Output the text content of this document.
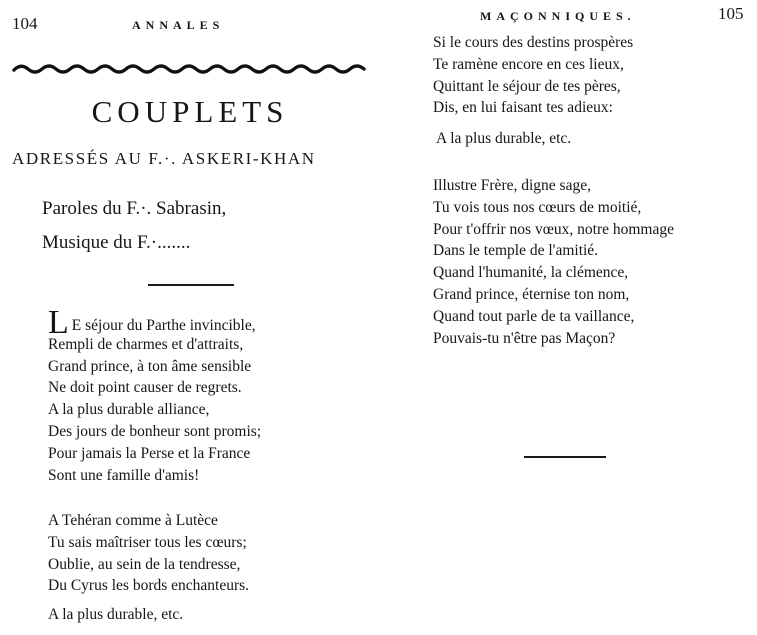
104	ANNALES
COUPLETS
ADRESSÉS AU F.·. ASKERI-KHAN
Paroles du F.·. Sabrasin,
Musique du F.·.......
L E séjour du Parthe invincible,
Rempli de charmes et d'attraits,
Grand prince, à ton âme sensible
Ne doit point causer de regrets.
A la plus durable alliance,
Des jours de bonheur sont promis;
Pour jamais la Perse et la France
Sont une famille d'amis!
A Tehéran comme à Lutèce
Tu sais maîtriser tous les cœurs;
Oublie, au sein de la tendresse,
Du Cyrus les bords enchanteurs.
A la plus durable, etc.
MAÇONNIQUES.	105
Si le cours des destins prospères
Te ramène encore en ces lieux,
Quittant le séjour de tes pères,
Dis, en lui faisant tes adieux:
A la plus durable, etc.
Illustre Frère, digne sage,
Tu vois tous nos cœurs de moitié,
Pour t'offrir nos vœux, notre hommage
Dans le temple de l'amitié.
Quand l'humanité, la clémence,
Grand prince, éternise ton nom,
Quand tout parle de ta vaillance,
Pouvais-tu n'être pas Maçon?
